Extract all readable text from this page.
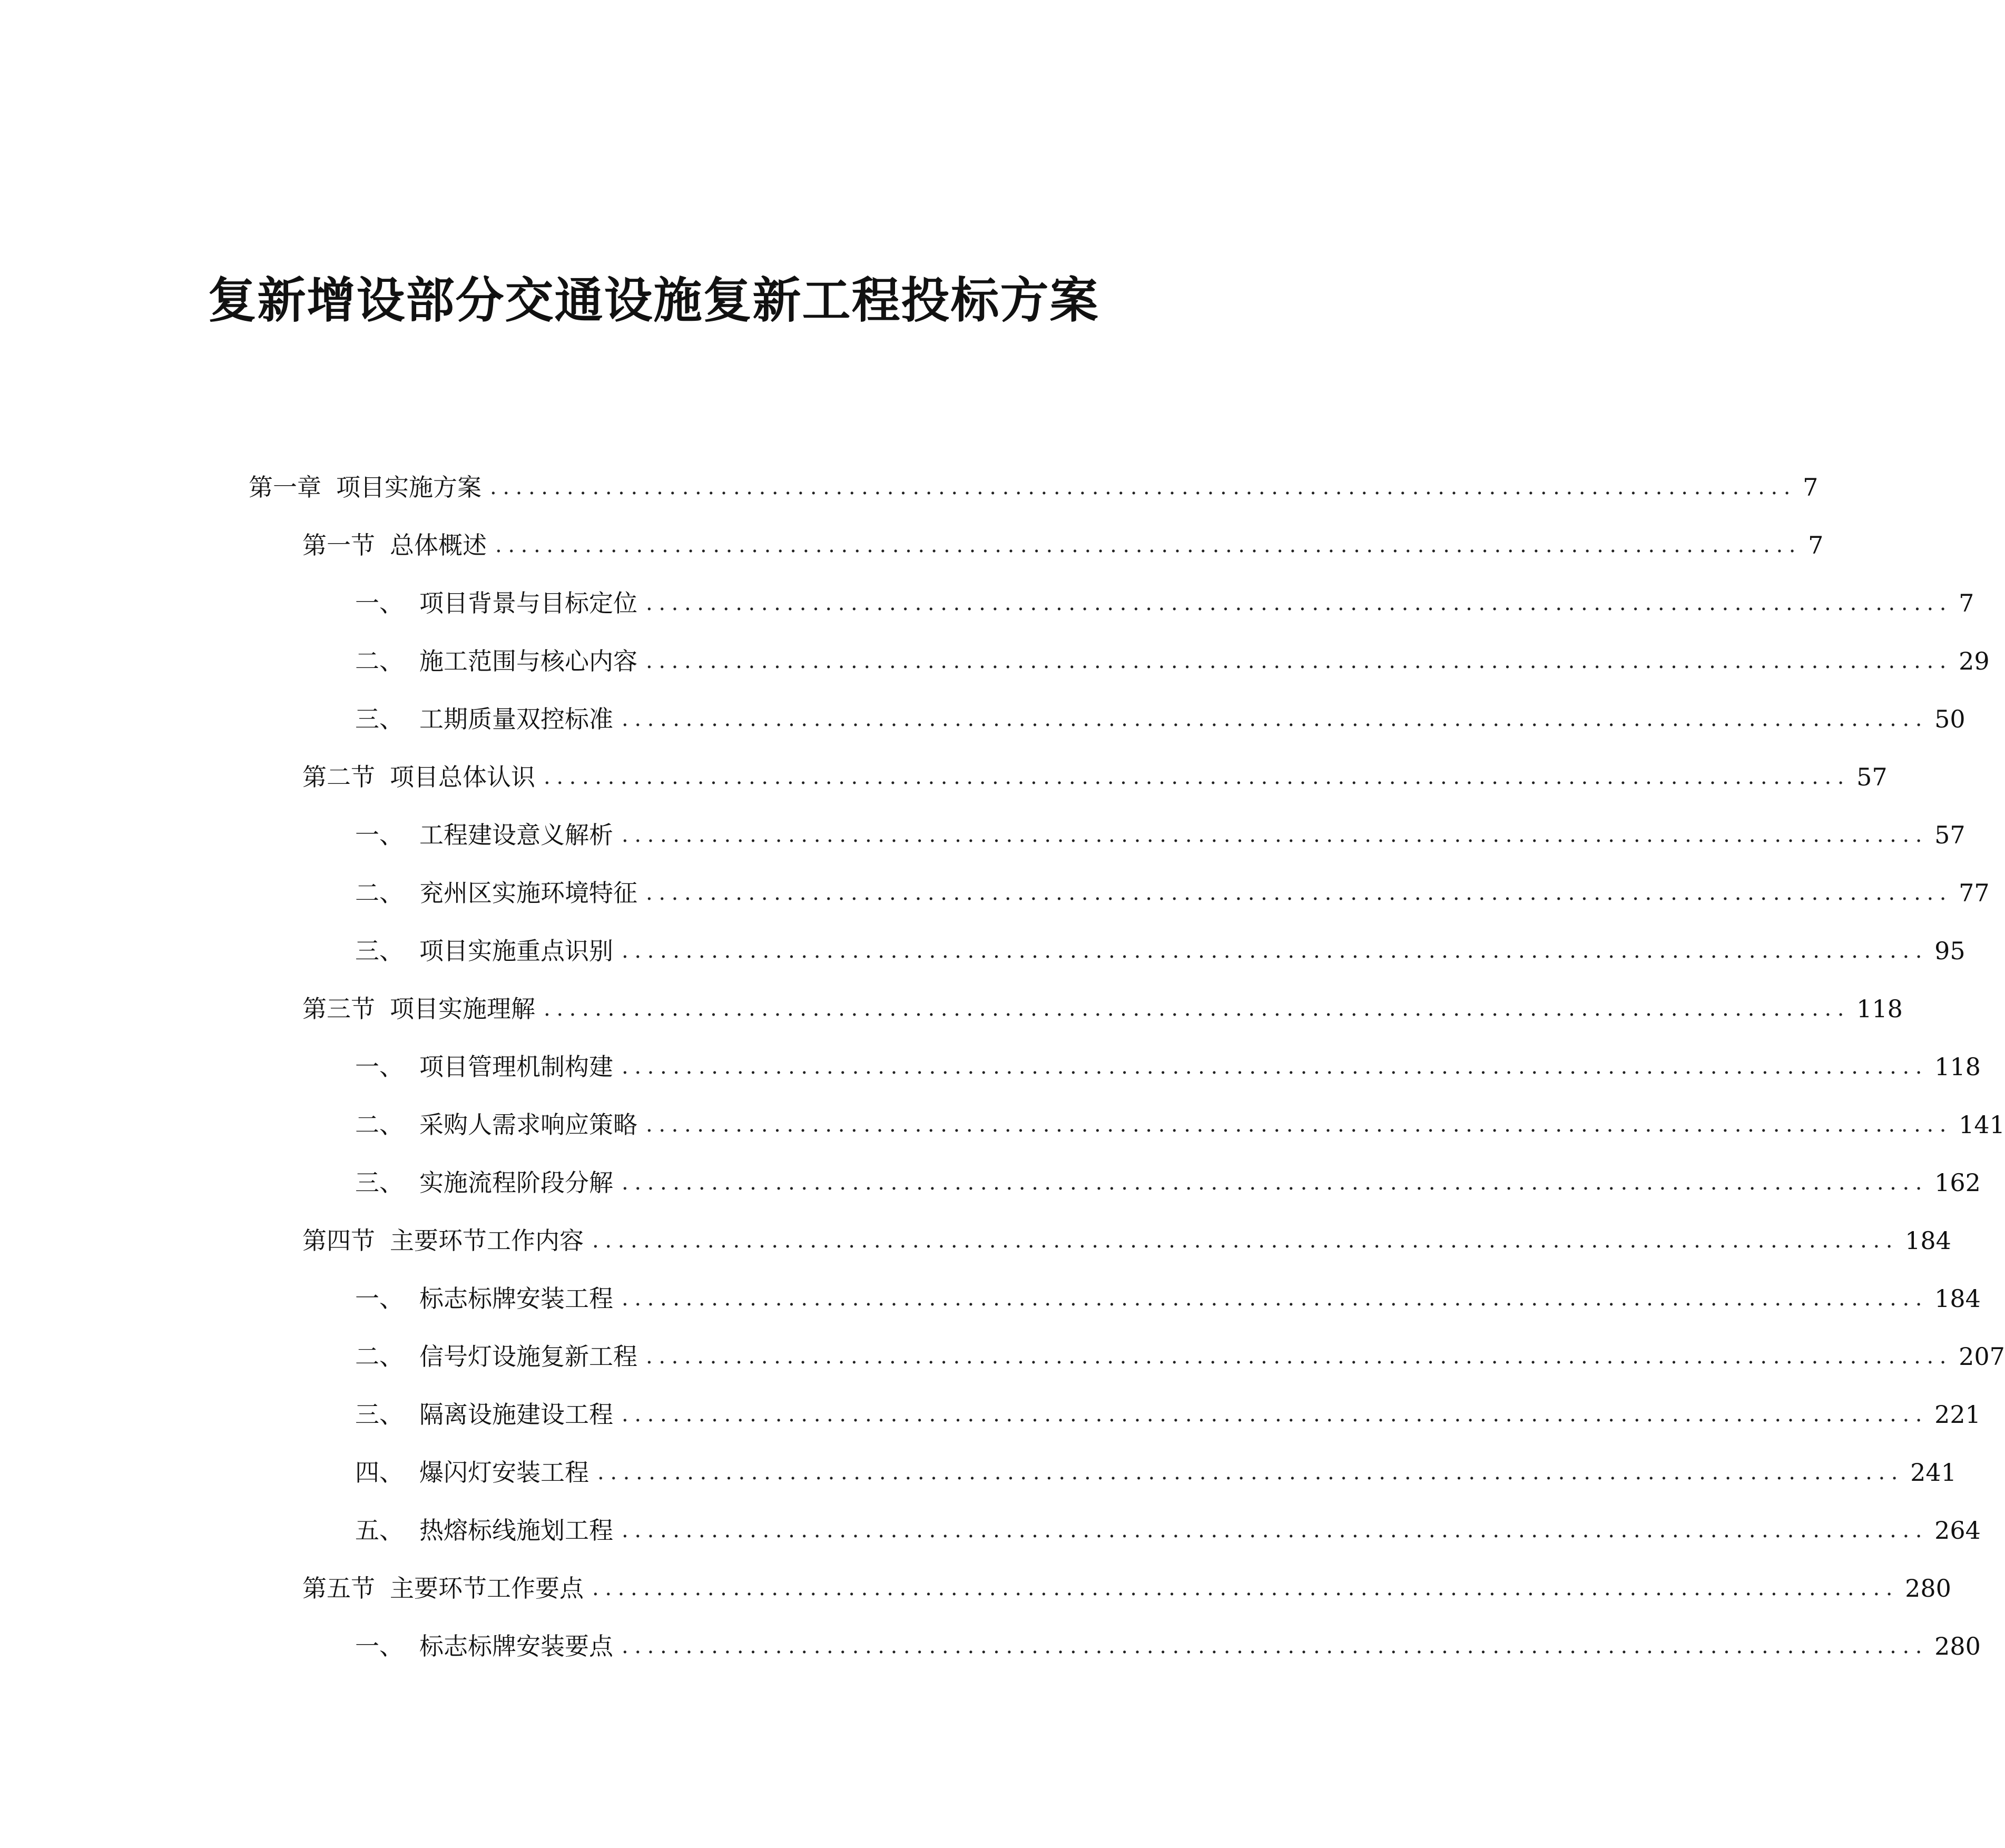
复新增设部分交通设施复新工程投标方案
第一章 项目实施方案 ...................................................................................................... 7
第一节 总体概述 ...................................................................................................... 7
一、 项目背景与目标定位 ...................................................................................................... 7
二、 施工范围与核心内容 ...................................................................................................... 29
三、 工期质量双控标准 ...................................................................................................... 50
第二节 项目总体认识 ...................................................................................................... 57
一、 工程建设意义解析 ...................................................................................................... 57
二、 兖州区实施环境特征 ...................................................................................................... 77
三、 项目实施重点识别 ...................................................................................................... 95
第三节 项目实施理解 ...................................................................................................... 118
一、 项目管理机制构建 ...................................................................................................... 118
二、 采购人需求响应策略 ...................................................................................................... 141
三、 实施流程阶段分解 ...................................................................................................... 162
第四节 主要环节工作内容 ...................................................................................................... 184
一、 标志标牌安装工程 ...................................................................................................... 184
二、 信号灯设施复新工程 ...................................................................................................... 207
三、 隔离设施建设工程 ...................................................................................................... 221
四、 爆闪灯安装工程 ...................................................................................................... 241
五、 热熔标线施划工程 ...................................................................................................... 264
第五节 主要环节工作要点 ...................................................................................................... 280
一、 标志标牌安装要点 ...................................................................................................... 280
